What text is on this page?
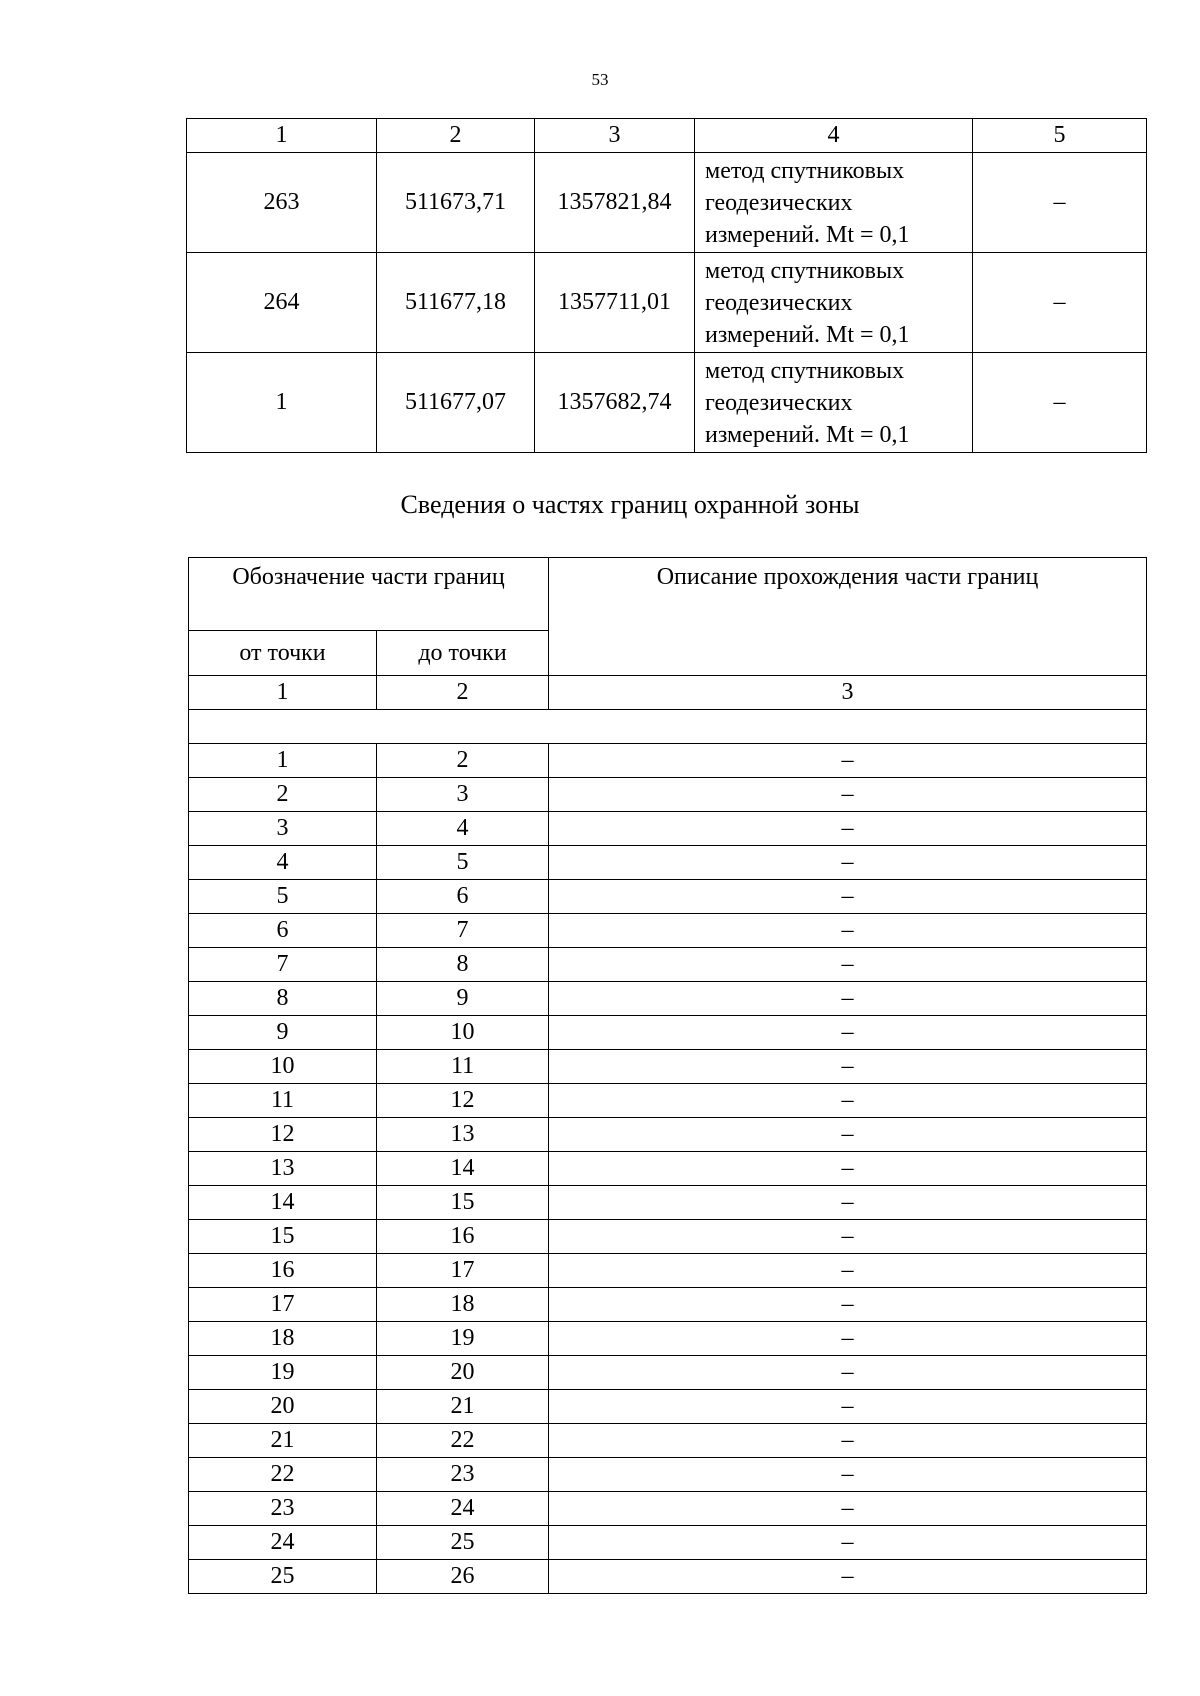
53
1	2	3	4	5
263	511673,71	1357821,84	метод спутниковых
геодезических
измерений. Mt = 0,1	–
264	511677,18	1357711,01	метод спутниковых
геодезических
измерений. Mt = 0,1	–
1	511677,07	1357682,74	метод спутниковых
геодезических
измерений. Mt = 0,1	–
Сведения о частях границ охранной зоны
Обозначение части границ		Описание прохождения части границ
от точки	до точки	
1	2	3

1	2	–
2	3	–
3	4	–
4	5	–
5	6	–
6	7	–
7	8	–
8	9	–
9	10	–
10	11	–
11	12	–
12	13	–
13	14	–
14	15	–
15	16	–
16	17	–
17	18	–
18	19	–
19	20	–
20	21	–
21	22	–
22	23	–
23	24	–
24	25	–
25	26	–
